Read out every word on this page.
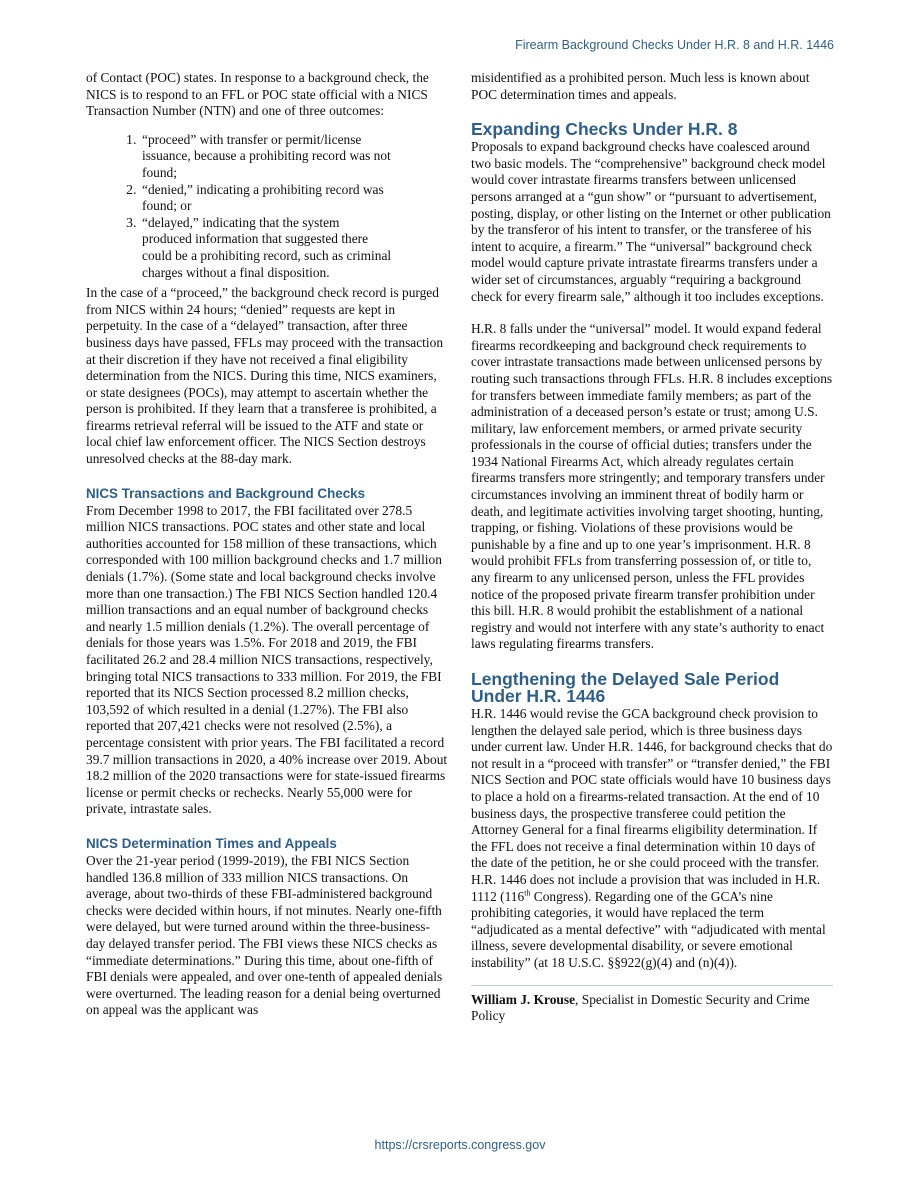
Firearm Background Checks Under H.R. 8 and H.R. 1446

of Contact (POC) states. In response to a background check, the NICS is to respond to an FFL or POC state official with a NICS Transaction Number (NTN) and one of three outcomes:

1. “proceed” with transfer or permit/license issuance, because a prohibiting record was not found;
2. “denied,” indicating a prohibiting record was found; or
3. “delayed,” indicating that the system produced information that suggested there could be a prohibiting record, such as criminal charges without a final disposition.

In the case of a “proceed,” the background check record is purged from NICS within 24 hours; “denied” requests are kept in perpetuity. In the case of a “delayed” transaction, after three business days have passed, FFLs may proceed with the transaction at their discretion if they have not received a final eligibility determination from the NICS. During this time, NICS examiners, or state designees (POCs), may attempt to ascertain whether the person is prohibited. If they learn that a transferee is prohibited, a firearms retrieval referral will be issued to the ATF and state or local chief law enforcement officer. The NICS Section destroys unresolved checks at the 88-day mark.

NICS Transactions and Background Checks

From December 1998 to 2017, the FBI facilitated over 278.5 million NICS transactions. POC states and other state and local authorities accounted for 158 million of these transactions, which corresponded with 100 million background checks and 1.7 million denials (1.7%). (Some state and local background checks involve more than one transaction.) The FBI NICS Section handled 120.4 million transactions and an equal number of background checks and nearly 1.5 million denials (1.2%). The overall percentage of denials for those years was 1.5%. For 2018 and 2019, the FBI facilitated 26.2 and 28.4 million NICS transactions, respectively, bringing total NICS transactions to 333 million. For 2019, the FBI reported that its NICS Section processed 8.2 million checks, 103,592 of which resulted in a denial (1.27%). The FBI also reported that 207,421 checks were not resolved (2.5%), a percentage consistent with prior years. The FBI facilitated a record 39.7 million transactions in 2020, a 40% increase over 2019. About 18.2 million of the 2020 transactions were for state-issued firearms license or permit checks or rechecks. Nearly 55,000 were for private, intrastate sales.

NICS Determination Times and Appeals

Over the 21-year period (1999-2019), the FBI NICS Section handled 136.8 million of 333 million NICS transactions. On average, about two-thirds of these FBI-administered background checks were decided within hours, if not minutes. Nearly one-fifth were delayed, but were turned around within the three-business-day delayed transfer period. The FBI views these NICS checks as “immediate determinations.” During this time, about one-fifth of FBI denials were appealed, and over one-tenth of appealed denials were overturned. The leading reason for a denial being overturned on appeal was the applicant was

misidentified as a prohibited person. Much less is known about POC determination times and appeals.

Expanding Checks Under H.R. 8

Proposals to expand background checks have coalesced around two basic models. The “comprehensive” background check model would cover intrastate firearms transfers between unlicensed persons arranged at a “gun show” or “pursuant to advertisement, posting, display, or other listing on the Internet or other publication by the transferor of his intent to transfer, or the transferee of his intent to acquire, a firearm.” The “universal” background check model would capture private intrastate firearms transfers under a wider set of circumstances, arguably “requiring a background check for every firearm sale,” although it too includes exceptions.

H.R. 8 falls under the “universal” model. It would expand federal firearms recordkeeping and background check requirements to cover intrastate transactions made between unlicensed persons by routing such transactions through FFLs. H.R. 8 includes exceptions for transfers between immediate family members; as part of the administration of a deceased person’s estate or trust; among U.S. military, law enforcement members, or armed private security professionals in the course of official duties; transfers under the 1934 National Firearms Act, which already regulates certain firearms transfers more stringently; and temporary transfers under circumstances involving an imminent threat of bodily harm or death, and legitimate activities involving target shooting, hunting, trapping, or fishing. Violations of these provisions would be punishable by a fine and up to one year’s imprisonment. H.R. 8 would prohibit FFLs from transferring possession of, or title to, any firearm to any unlicensed person, unless the FFL provides notice of the proposed private firearm transfer prohibition under this bill. H.R. 8 would prohibit the establishment of a national registry and would not interfere with any state’s authority to enact laws regulating firearms transfers.

Lengthening the Delayed Sale Period Under H.R. 1446

H.R. 1446 would revise the GCA background check provision to lengthen the delayed sale period, which is three business days under current law. Under H.R. 1446, for background checks that do not result in a “proceed with transfer” or “transfer denied,” the FBI NICS Section and POC state officials would have 10 business days to place a hold on a firearms-related transaction. At the end of 10 business days, the prospective transferee could petition the Attorney General for a final firearms eligibility determination. If the FFL does not receive a final determination within 10 days of the date of the petition, he or she could proceed with the transfer. H.R. 1446 does not include a provision that was included in H.R. 1112 (116th Congress). Regarding one of the GCA’s nine prohibiting categories, it would have replaced the term “adjudicated as a mental defective” with “adjudicated with mental illness, severe developmental disability, or severe emotional instability” (at 18 U.S.C. §§922(g)(4) and (n)(4)).

William J. Krouse, Specialist in Domestic Security and Crime Policy
https://crsreports.congress.gov
